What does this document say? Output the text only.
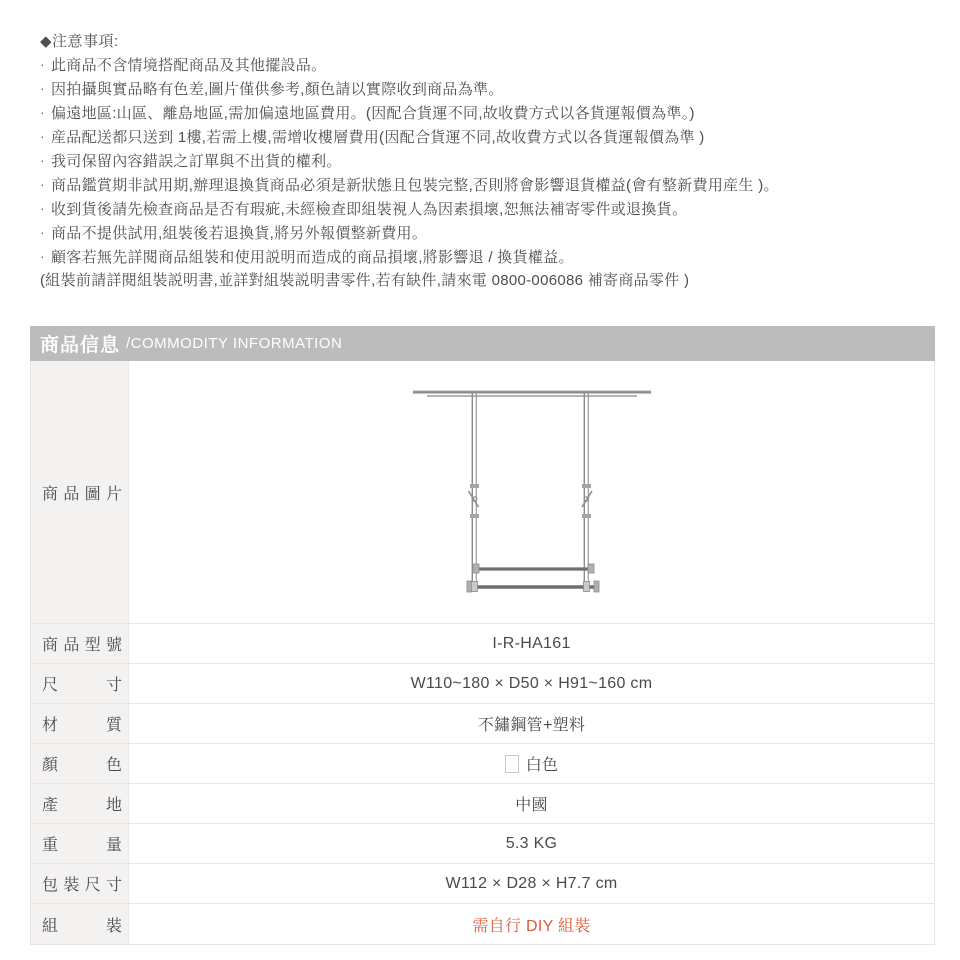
◆注意事項:
· 此商品不含情境搭配商品及其他擺設品。
· 因拍攝與實品略有色差,圖片僅供參考,顏色請以實際收到商品為準。
· 偏遠地區:山區、離島地區,需加偏遠地區費用。(因配合貨運不同,故收費方式以各貨運報價為準。)
· 産品配送都只送到 1樓,若需上樓,需增收樓層費用(因配合貨運不同,故收費方式以各貨運報價為準 )
· 我司保留內容錯誤之訂單與不出貨的權利。
· 商品鑑賞期非試用期,辦理退換貨商品必須是新狀態且包裝完整,否則將會影響退貨權益(會有整新費用産生 )。
· 收到貨後請先檢查商品是否有瑕疵,未經檢查即組裝視人為因素損壞,恕無法補寄零件或退換貨。
· 商品不提供試用,組裝後若退換貨,將另外報價整新費用。
· 顧客若無先詳閱商品組裝和使用説明而造成的商品損壞,將影響退 / 換貨權益。
(組裝前請詳閱組裝説明書,並詳對組裝説明書零件,若有缺件,請來電 0800-006086 補寄商品零件 )
商品信息 /COMMODITY INFORMATION
商品圖片
商品型號	I-R-HA161
尺寸	W110~180 × D50 × H91~160 cm
材質	不鏽鋼管+塑料
顏色	白色
產地	中國
重量	5.3 KG
包裝尺寸	W112 × D28 × H7.7 cm
組裝	需自行 DIY 組裝
